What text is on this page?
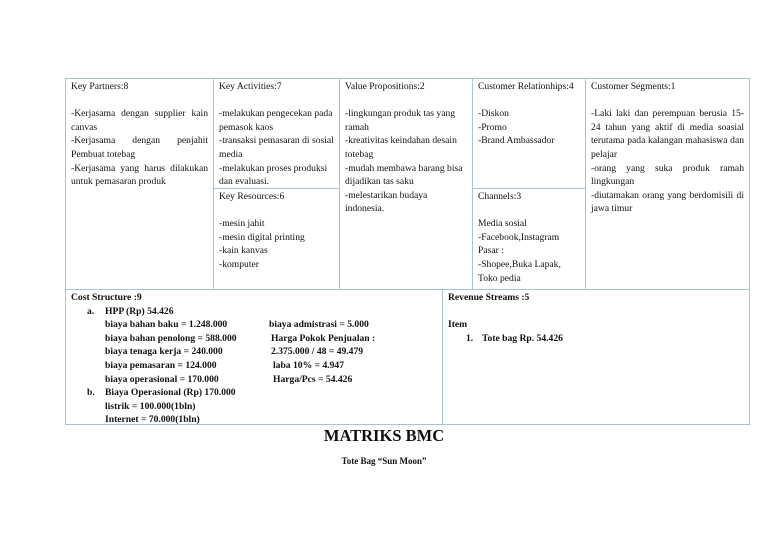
Key Partners:8
-Kerjasama dengan supplier kain canvas
-Kerjasama dengan penjahit Pembuat totebag
-Kerjasama yang harus dilakukan untuk pemasaran produk
Key Activities:7
-melakukan pengecekan pada pemasok kaos
-transaksi pemasaran di sosial media
-melakukan proses produksi dan evaluasi.
Key Resources:6
-mesin jahit
-mesin digital printing
-kain kanvas
-komputer
Value Propositions:2
-lingkungan produk tas yang ramah
-kreativitas keindahan desain totebag
-mudah membawa barang bisa dijadikan tas saku
-melestarikan budaya indonesia.
Customer Relationhips:4
-Diskon
-Promo
-Brand Ambassador
Channels:3
Media sosial
-Facebook,Instagram
Pasar :
-Shopee,Buka Lapak,
Toko pedia
Customer Segments:1
-Laki laki dan perempuan berusia 15-24 tahun yang aktif di media soasial terutama pada kalangan mahasiswa dan pelajar
-orang yang suka produk ramah lingkungan
-diutamakan orang yang berdomisili di jawa timur
Cost Structure :9
a. HPP (Rp) 54.426
biaya bahan baku = 1.248.000	biaya admistrasi = 5.000
biaya bahan penolong = 588.000	Harga Pokok Penjualan :
biaya tenaga kerja = 240.000	2.375.000 / 48 = 49.479
biaya pemasaran = 124.000	laba 10% = 4.947
biaya operasional = 170.000	Harga/Pcs = 54.426
b. Biaya Operasional (Rp) 170.000
listrik = 100.000(1bln)
Internet = 70.000(1bln)
Revenue Streams :5
Item
1. Tote bag Rp. 54.426
MATRIKS BMC
Tote Bag “Sun Moon”
